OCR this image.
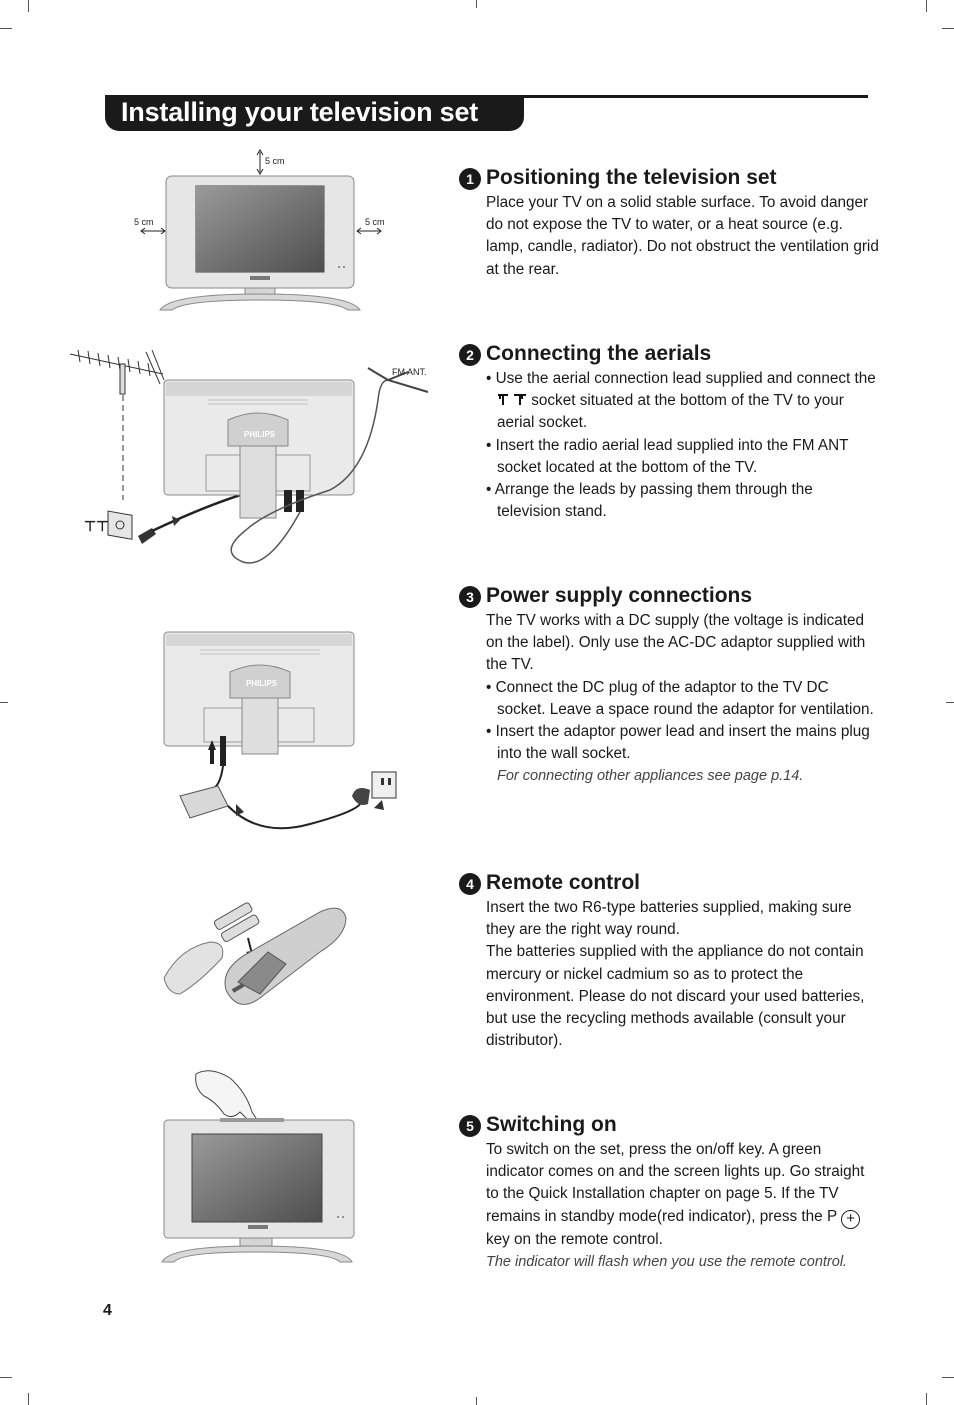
Installing your television set
5 cm
5 cm	5 cm
⊤⊤
PHILIPS
FM ANT.
PHILIPS
1 Positioning the television set

Place your TV on a solid stable surface. To avoid danger do not expose the TV to water, or a heat source (e.g. lamp, candle, radiator). Do not obstruct the ventilation grid at the rear.

2 Connecting the aerials

• Use the aerial connection lead supplied and connect the  socket situated at the bottom of the TV to your aerial socket.

• Insert the radio aerial lead supplied into the FM ANT socket located at the bottom of the TV.

• Arrange the leads by passing them through the television stand.

3 Power supply connections

The TV works with a DC supply (the voltage is indicated on the label). Only use the AC-DC adaptor supplied with the TV.

• Connect the DC plug of the adaptor to the TV DC socket. Leave a space round the adaptor for ventilation.

• Insert the adaptor power lead and insert the mains plug into the wall socket.

For connecting other appliances see page p.14.

4 Remote control

Insert the two R6-type batteries supplied, making sure they are the right way round.

The batteries supplied with the appliance do not contain mercury or nickel cadmium so as to protect the environment. Please do not discard your used batteries, but use the recycling methods available (consult your distributor).

5 Switching on

To switch on the set, press the on/off key. A green indicator comes on and the screen lights up. Go straight to the Quick Installation chapter on page 5. If the TV remains in standby mode(red indicator), press the P + key on the remote control.

The indicator will flash when you use the remote control.

4
